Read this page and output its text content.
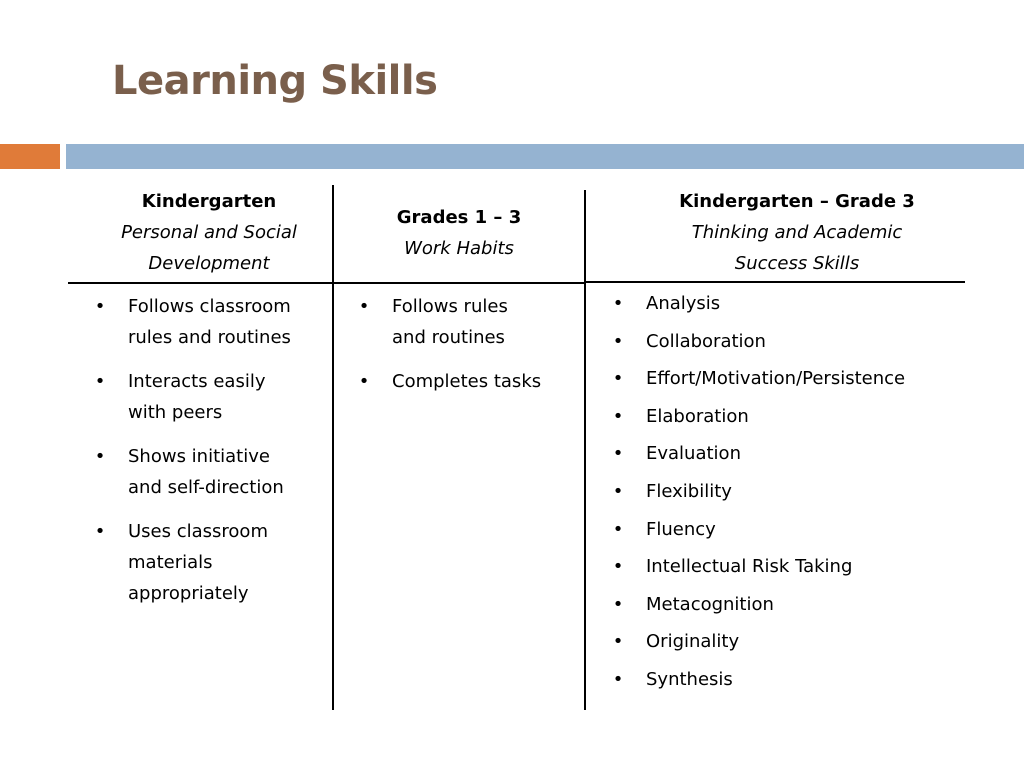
Learning Skills
Kindergarten
Personal and Social
Development
Grades 1 – 3
Work Habits
Kindergarten – Grade 3
Thinking and Academic
Success Skills
• Follows classroom
rules and routines
• Interacts easily
with peers
• Shows initiative
and self-direction
• Uses classroom
materials
appropriately
• Follows rules
and routines
• Completes tasks
• Analysis
• Collaboration
• Effort/Motivation/Persistence
• Elaboration
• Evaluation
• Flexibility
• Fluency
• Intellectual Risk Taking
• Metacognition
• Originality
• Synthesis
